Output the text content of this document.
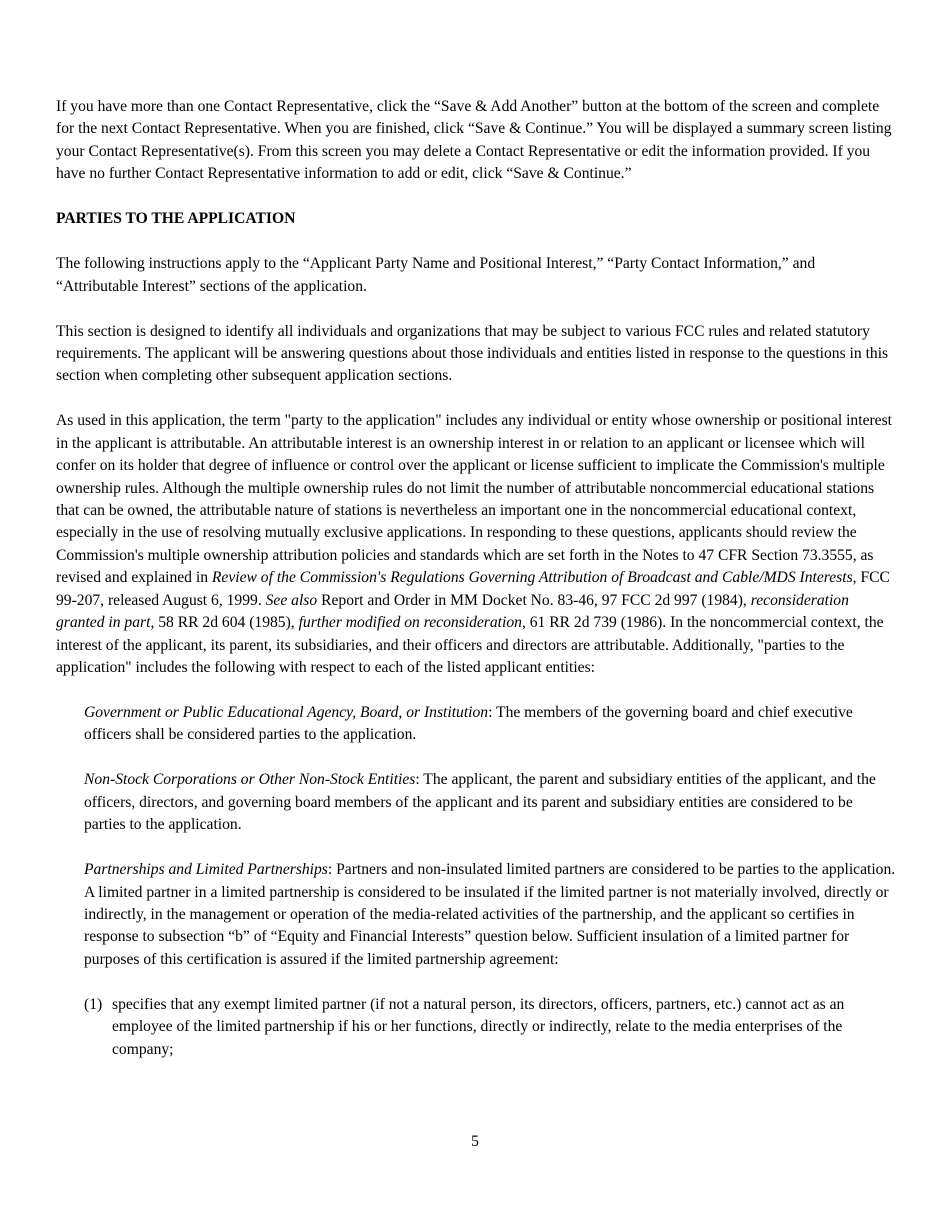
If you have more than one Contact Representative, click the “Save & Add Another” button at the bottom of the screen and complete for the next Contact Representative. When you are finished, click “Save & Continue.” You will be displayed a summary screen listing your Contact Representative(s). From this screen you may delete a Contact Representative or edit the information provided. If you have no further Contact Representative information to add or edit, click “Save & Continue.”

PARTIES TO THE APPLICATION

The following instructions apply to the “Applicant Party Name and Positional Interest,” “Party Contact Information,” and “Attributable Interest” sections of the application.

This section is designed to identify all individuals and organizations that may be subject to various FCC rules and related statutory requirements. The applicant will be answering questions about those individuals and entities listed in response to the questions in this section when completing other subsequent application sections.

As used in this application, the term "party to the application" includes any individual or entity whose ownership or positional interest in the applicant is attributable. An attributable interest is an ownership interest in or relation to an applicant or licensee which will confer on its holder that degree of influence or control over the applicant or license sufficient to implicate the Commission's multiple ownership rules. Although the multiple ownership rules do not limit the number of attributable noncommercial educational stations that can be owned, the attributable nature of stations is nevertheless an important one in the noncommercial educational context, especially in the use of resolving mutually exclusive applications. In responding to these questions, applicants should review the Commission's multiple ownership attribution policies and standards which are set forth in the Notes to 47 CFR Section 73.3555, as revised and explained in Review of the Commission's Regulations Governing Attribution of Broadcast and Cable/MDS Interests, FCC 99-207, released August 6, 1999. See also Report and Order in MM Docket No. 83-46, 97 FCC 2d 997 (1984), reconsideration granted in part, 58 RR 2d 604 (1985), further modified on reconsideration, 61 RR 2d 739 (1986). In the noncommercial context, the interest of the applicant, its parent, its subsidiaries, and their officers and directors are attributable. Additionally, "parties to the application" includes the following with respect to each of the listed applicant entities:

Government or Public Educational Agency, Board, or Institution: The members of the governing board and chief executive officers shall be considered parties to the application.

Non-Stock Corporations or Other Non-Stock Entities: The applicant, the parent and subsidiary entities of the applicant, and the officers, directors, and governing board members of the applicant and its parent and subsidiary entities are considered to be parties to the application.

Partnerships and Limited Partnerships: Partners and non-insulated limited partners are considered to be parties to the application. A limited partner in a limited partnership is considered to be insulated if the limited partner is not materially involved, directly or indirectly, in the management or operation of the media-related activities of the partnership, and the applicant so certifies in response to subsection “b” of “Equity and Financial Interests” question below. Sufficient insulation of a limited partner for purposes of this certification is assured if the limited partnership agreement:

(1) specifies that any exempt limited partner (if not a natural person, its directors, officers, partners, etc.) cannot act as an employee of the limited partnership if his or her functions, directly or indirectly, relate to the media enterprises of the company;
5
